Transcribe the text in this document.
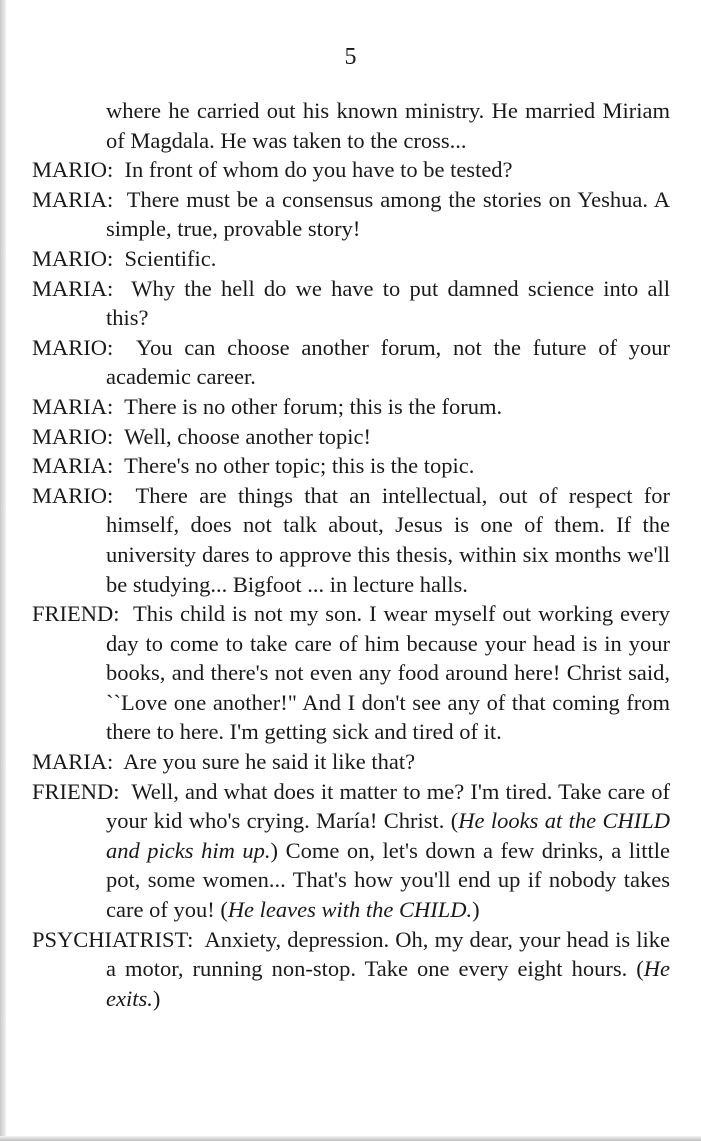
5

where he carried out his known ministry. He married Miriam of Magdala. He was taken to the cross...

MARIO: In front of whom do you have to be tested?

MARIA: There must be a consensus among the stories on Yeshua. A simple, true, provable story!

MARIO: Scientific.

MARIA: Why the hell do we have to put damned science into all this?

MARIO: You can choose another forum, not the future of your academic career.

MARIA: There is no other forum; this is the forum.

MARIO: Well, choose another topic!

MARIA: There's no other topic; this is the topic.

MARIO: There are things that an intellectual, out of respect for himself, does not talk about, Jesus is one of them. If the university dares to approve this thesis, within six months we'll be studying... Bigfoot ... in lecture halls.

FRIEND: This child is not my son. I wear myself out working every day to come to take care of him because your head is in your books, and there's not even any food around here! Christ said, ``Love one another!" And I don't see any of that coming from there to here. I'm getting sick and tired of it.

MARIA: Are you sure he said it like that?

FRIEND: Well, and what does it matter to me? I'm tired. Take care of your kid who's crying. María! Christ. (He looks at the CHILD and picks him up.) Come on, let's down a few drinks, a little pot, some women... That's how you'll end up if nobody takes care of you! (He leaves with the CHILD.)

PSYCHIATRIST: Anxiety, depression. Oh, my dear, your head is like a motor, running non-stop. Take one every eight hours. (He exits.)
